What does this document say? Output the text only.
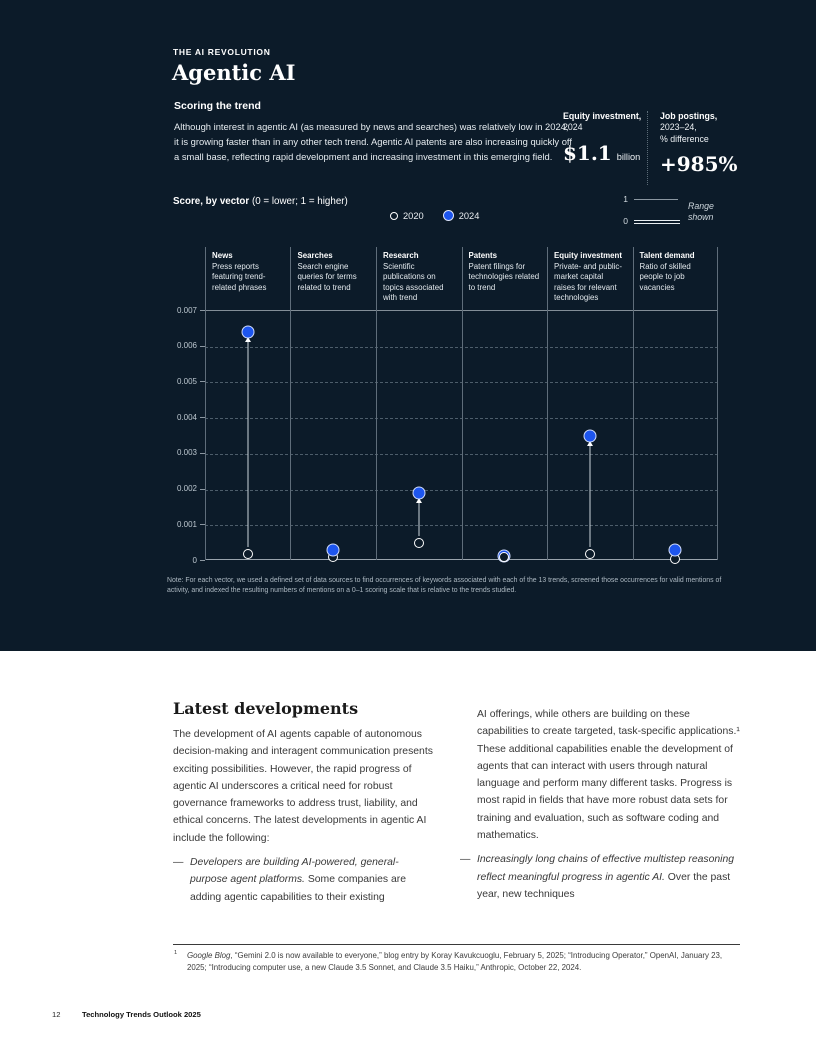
THE AI REVOLUTION
Agentic AI
Scoring the trend

Although interest in agentic AI (as measured by news and searches) was relatively low in 2024, it is growing faster than in any other tech trend. Agentic AI patents are also increasing quickly off a small base, reflecting rapid development and increasing investment in this emerging field.

Equity investment,
2024
$1.1 billion
Job postings,
2023–24,
% difference
+985%
Score, by vector (0 = lower; 1 = higher)
2020	2024
1
0
Range
shown
0
0.001
0.002
0.003
0.004
0.005
0.006
0.007
News
Press reports featuring trend-related phrases
Searches
Search engine queries for terms related to trend
Research
Scientific publications on topics associated with trend
Patents
Patent filings for technologies related to trend
Equity investment
Private- and public-market capital raises for relevant technologies
Talent demand
Ratio of skilled people to job vacancies

Note: For each vector, we used a defined set of data sources to find occurrences of keywords associated with each of the 13 trends, screened those occurrences for valid mentions of activity, and indexed the resulting numbers of mentions on a 0–1 scoring scale that is relative to the trends studied.

Latest developments

The development of AI agents capable of autonomous decision-making and interagent communication presents exciting possibilities. However, the rapid progress of agentic AI underscores a critical need for robust governance frameworks to address trust, liability, and ethical concerns. The latest developments in agentic AI include the following:

— Developers are building AI-powered, general-purpose agent platforms. Some companies are adding agentic capabilities to their existing

AI offerings, while others are building on these capabilities to create targeted, task-specific applications.¹ These additional capabilities enable the development of agents that can interact with users through natural language and perform many different tasks. Progress is most rapid in fields that have more robust data sets for training and evaluation, such as software coding and mathematics.

— Increasingly long chains of effective multistep reasoning reflect meaningful progress in agentic AI. Over the past year, new techniques
1 Google Blog, “Gemini 2.0 is now available to everyone,” blog entry by Koray Kavukcuoglu, February 5, 2025; “Introducing Operator,” OpenAI, January 23, 2025; “Introducing computer use, a new Claude 3.5 Sonnet, and Claude 3.5 Haiku,” Anthropic, October 22, 2024.
12	Technology Trends Outlook 2025
